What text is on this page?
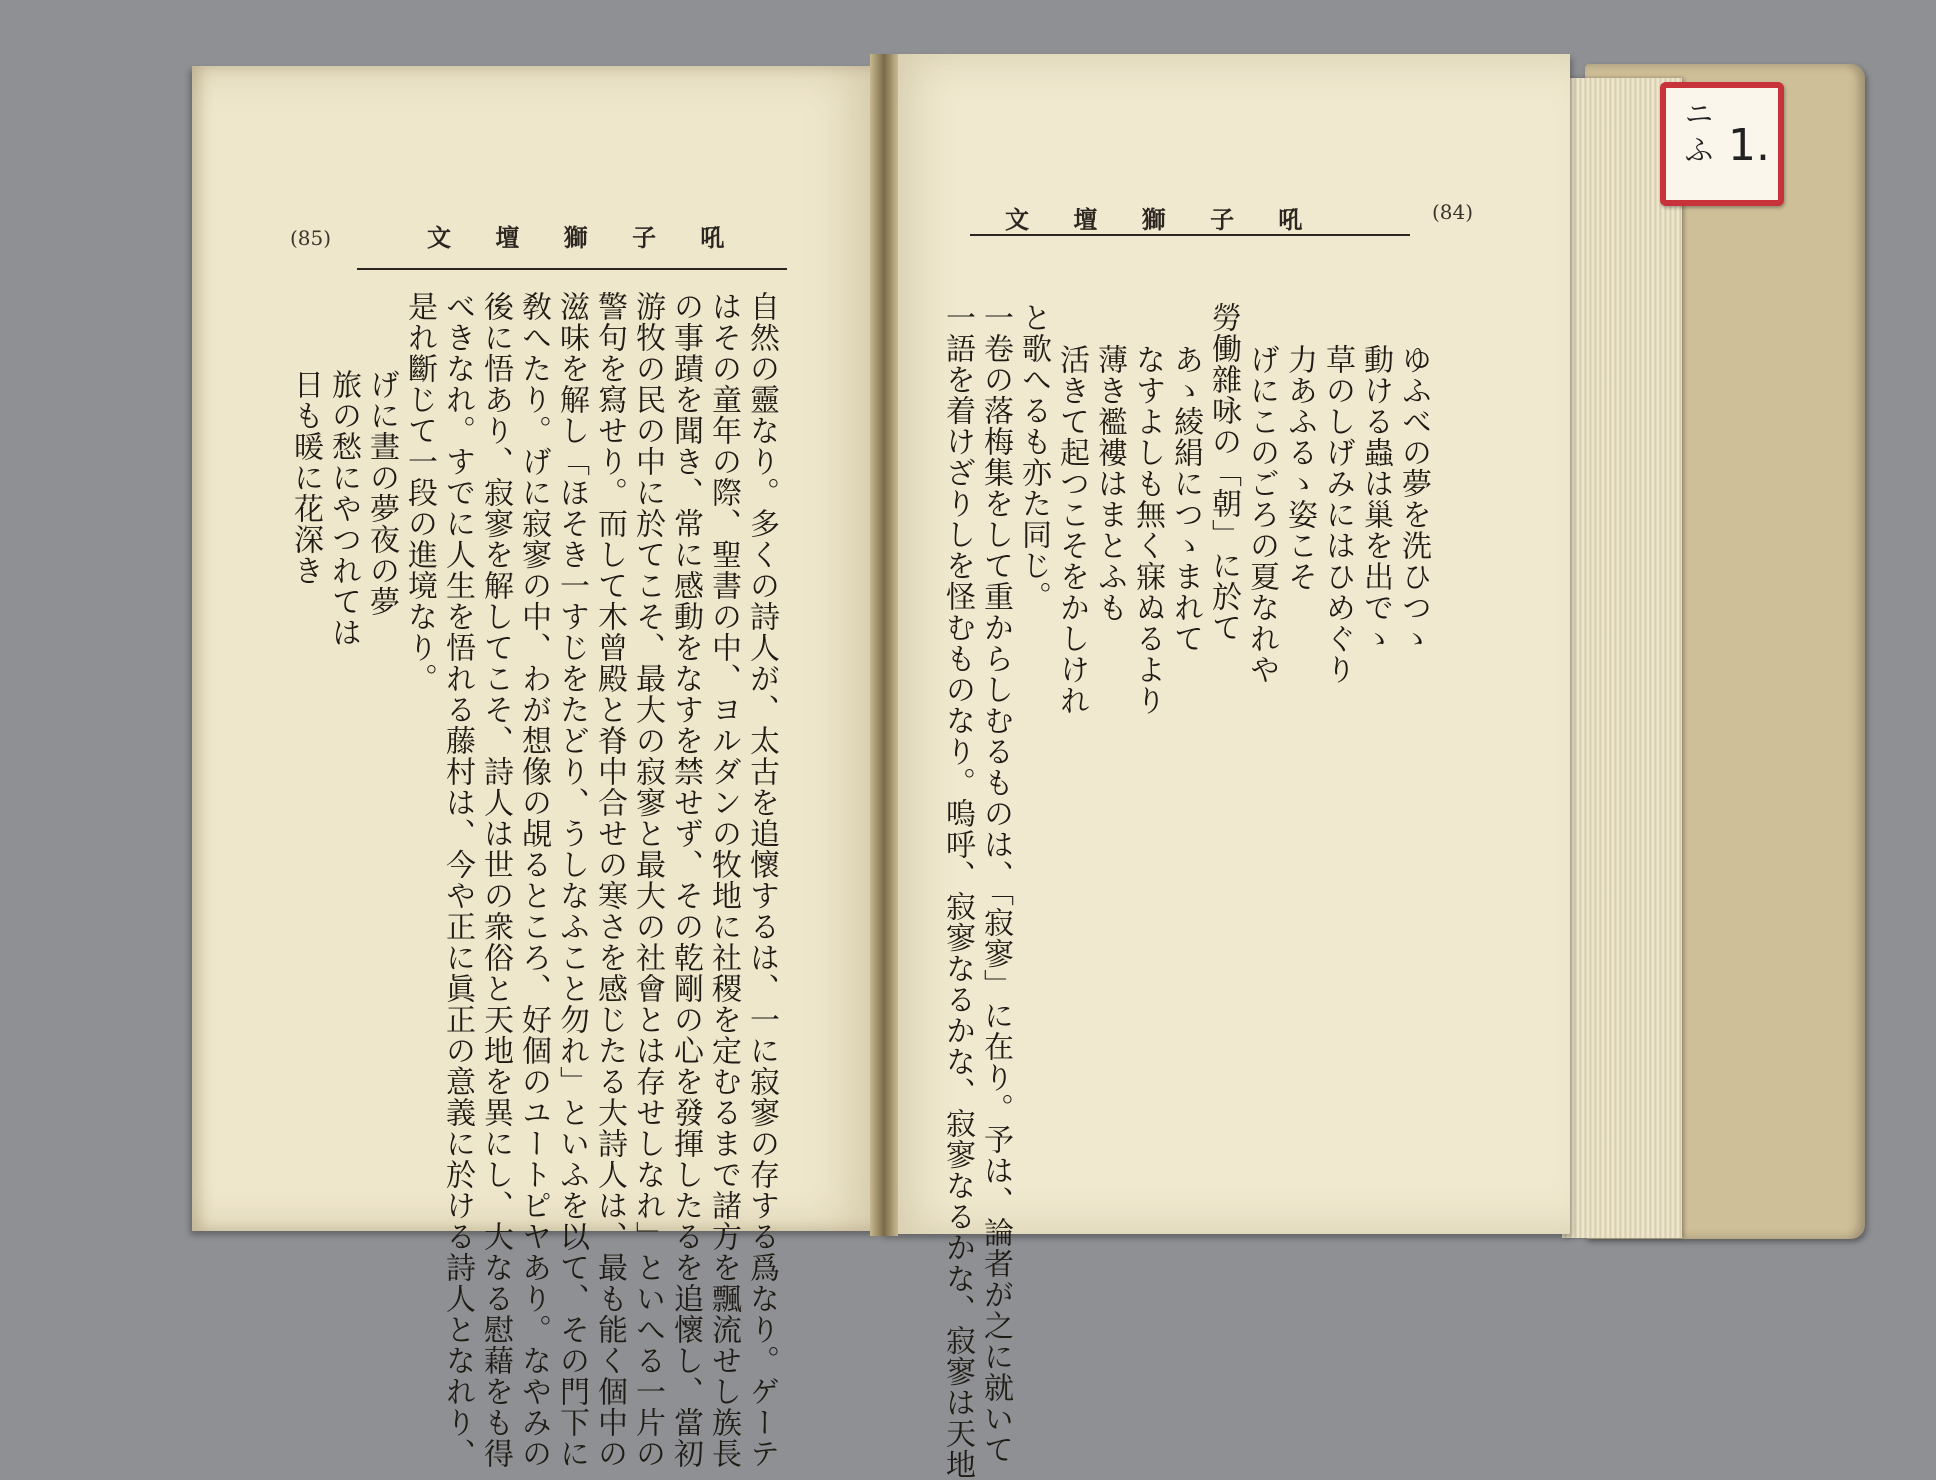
(85)	文 壇 獅 子 吼

自然の靈なり。多くの詩人が、太古を追懷するは、一に寂寥の存する爲なり。ゲーテ

はその童年の際、聖書の中、ヨルダンの牧地に社稷を定むるまで諸方を飄流せし族長

の事蹟を聞き、常に感動をなすを禁せず、その乾剛の心を發揮したるを追懷し、當初

游牧の民の中に於てこそ、最大の寂寥と最大の社會とは存せしなれ」といへる一片の

警句を寫せり。而して木曾殿と脊中合せの寒さを感じたる大詩人は、最も能く個中の

滋味を解し「ほそき一すじをたどり、うしなふこと勿れ」といふを以て、その門下に

敎へたり。げに寂寥の中、わが想像の覘るところ、好個のユートピヤあり。なやみの

後に悟あり、寂寥を解してこそ、詩人は世の衆俗と天地を異にし、大なる慰藉をも得

べきなれ。すでに人生を悟れる藤村は、今や正に眞正の意義に於ける詩人となれり、

是れ斷じて一段の進境なり。

げに晝の夢夜の夢

旅の愁にやつれては

日も暖に花深き

文 壇 獅 子 吼	(84)

ゆふべの夢を洗ひつゝ

動ける蟲は巢を出でゝ

草のしげみにはひめぐり

力あふるゝ姿こそ

げにこのごろの夏なれや

勞働雜咏の「朝」に於て

あゝ綾絹につゝまれて

なすよしも無く寐ぬるより

薄き襤褸はまとふも

活きて起つこそをかしけれ

と歌へるも亦た同じ。

一卷の落梅集をして重からしむるものは、「寂寥」に在り。予は、論者が之に就いて

一語を着けざりしを怪むものなり。嗚呼、寂寥なるかな、寂寥なるかな、寂寥は天地

ニふ 1.
